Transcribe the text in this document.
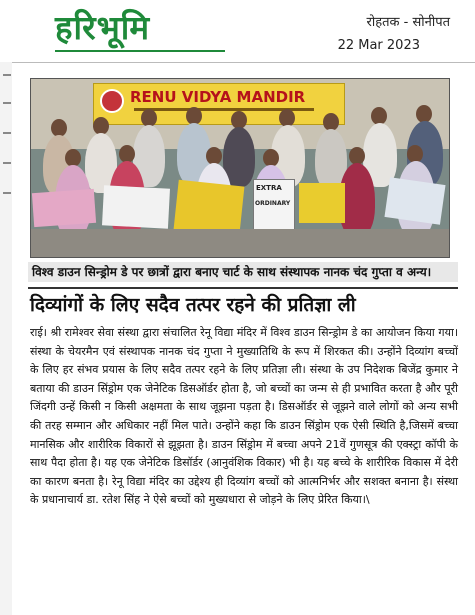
हरिभूमि	रोहतक - सोनीपत
22 Mar 2023
RENU VIDYA MANDIR
EXTRA
ORDINARY
विश्व डाउन सिन्ड्रोम डे पर छात्रों द्वारा बनाए चार्ट के साथ संस्थापक नानक चंद गुप्ता व अन्य।
दिव्यांगों के लिए सदैव तत्पर रहने की प्रतिज्ञा ली
राई। श्री रामेश्वर सेवा संस्था द्वारा संचालित रेनू विद्या मंदिर में विश्व डाउन सिन्ड्रोम डे का आयोजन किया गया। संस्था के चेयरमैन एवं संस्थापक नानक चंद गुप्ता ने मुख्यातिथि के रूप में शिरकत की। उन्होंने दिव्यांग बच्चों के लिए हर संभव प्रयास के लिए सदैव तत्पर रहने के लिए प्रतिज्ञा ली। संस्था के उप निदेशक बिजेंद्र कुमार ने बताया की डाउन सिंड्रोम एक जेनेटिक डिसऑर्डर होता है, जो बच्चों का जन्म से ही प्रभावित करता है और पूरी जिंदगी उन्हें किसी न किसी अक्षमता के साथ जूझना पड़ता है। डिसऑर्डर से जूझने वाले लोगों को अन्य सभी की तरह सम्मान और अधिकार नहीं मिल पाते। उन्होंने कहा कि डाउन सिंड्रोम एक ऐसी स्थिति है,जिसमें बच्चा मानसिक और शारीरिक विकारों से झूझता है। डाउन सिंड्रोम में बच्चा अपने 21वें गुणसूत्र की एक्स्ट्रा कॉपी के साथ पैदा होता है। यह एक जेनेटिक डिसॉर्डर (आनुवंशिक विकार) भी है। यह बच्चे के शारीरिक विकास में देरी का कारण बनता है। रेनू विद्या मंदिर का उद्देश्य ही दिव्यांग बच्चों को आत्मनिर्भर और सशक्त बनाना है। संस्था के प्रधानाचार्य डा. रतेश सिंह ने ऐसे बच्चों को मुख्यधारा से जोड़ने के लिए प्रेरित किया।\
